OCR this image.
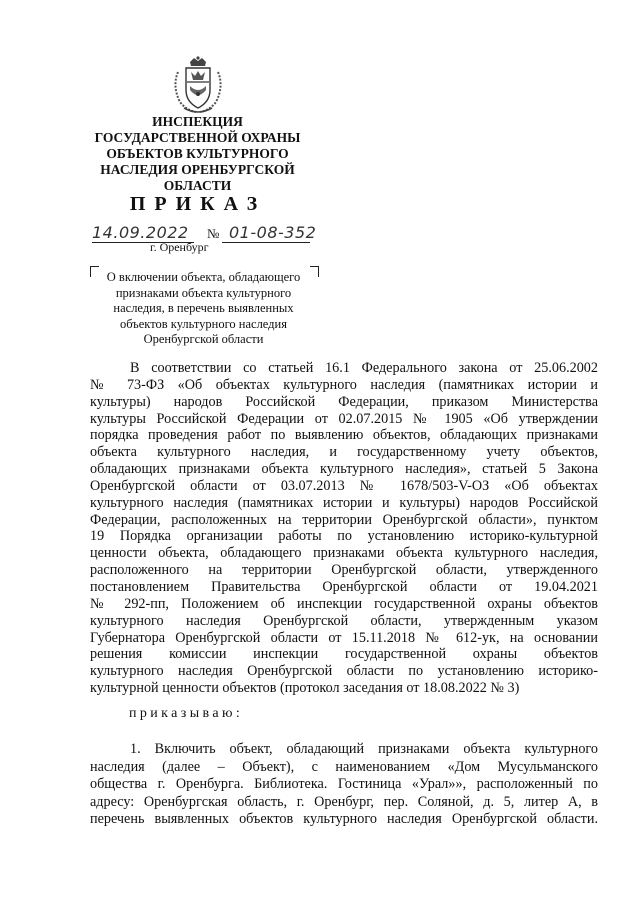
ИНСПЕКЦИЯ
ГОСУДАРСТВЕННОЙ ОХРАНЫ
ОБЪЕКТОВ КУЛЬТУРНОГО
НАСЛЕДИЯ ОРЕНБУРГСКОЙ
ОБЛАСТИ
ПРИКАЗ
14.09.2022 № 01-08-352
г. Оренбург
О включении объекта, обладающего
признаками объекта культурного
наследия, в перечень выявленных
объектов культурного наследия
Оренбургской области
В соответствии со статьей 16.1 Федерального закона от 25.06.2002
№ 73-ФЗ «Об объектах культурного наследия (памятниках истории и
культуры) народов Российской Федерации, приказом Министерства
культуры Российской Федерации от 02.07.2015 № 1905 «Об утверждении
порядка проведения работ по выявлению объектов, обладающих признаками
объекта культурного наследия, и государственному учету объектов,
обладающих признаками объекта культурного наследия», статьей 5 Закона
Оренбургской области от 03.07.2013 № 1678/503-V-ОЗ «Об объектах
культурного наследия (памятниках истории и культуры) народов Российской
Федерации, расположенных на территории Оренбургской области», пунктом
19 Порядка организации работы по установлению историко-культурной
ценности объекта, обладающего признаками объекта культурного наследия,
расположенного на территории Оренбургской области, утвержденного
постановлением Правительства Оренбургской области от 19.04.2021
№ 292-пп, Положением об инспекции государственной охраны объектов
культурного наследия Оренбургской области, утвержденным указом
Губернатора Оренбургской области от 15.11.2018 № 612-ук, на основании
решения комиссии инспекции государственной охраны объектов
культурного наследия Оренбургской области по установлению историко-
культурной ценности объектов (протокол заседания от 18.08.2022 № 3)
приказываю:
1. Включить объект, обладающий признаками объекта культурного
наследия (далее – Объект), с наименованием «Дом Мусульманского
общества г. Оренбурга. Библиотека. Гостиница «Урал»», расположенный по
адресу: Оренбургская область, г. Оренбург, пер. Соляной, д. 5, литер А, в
перечень выявленных объектов культурного наследия Оренбургской области.
